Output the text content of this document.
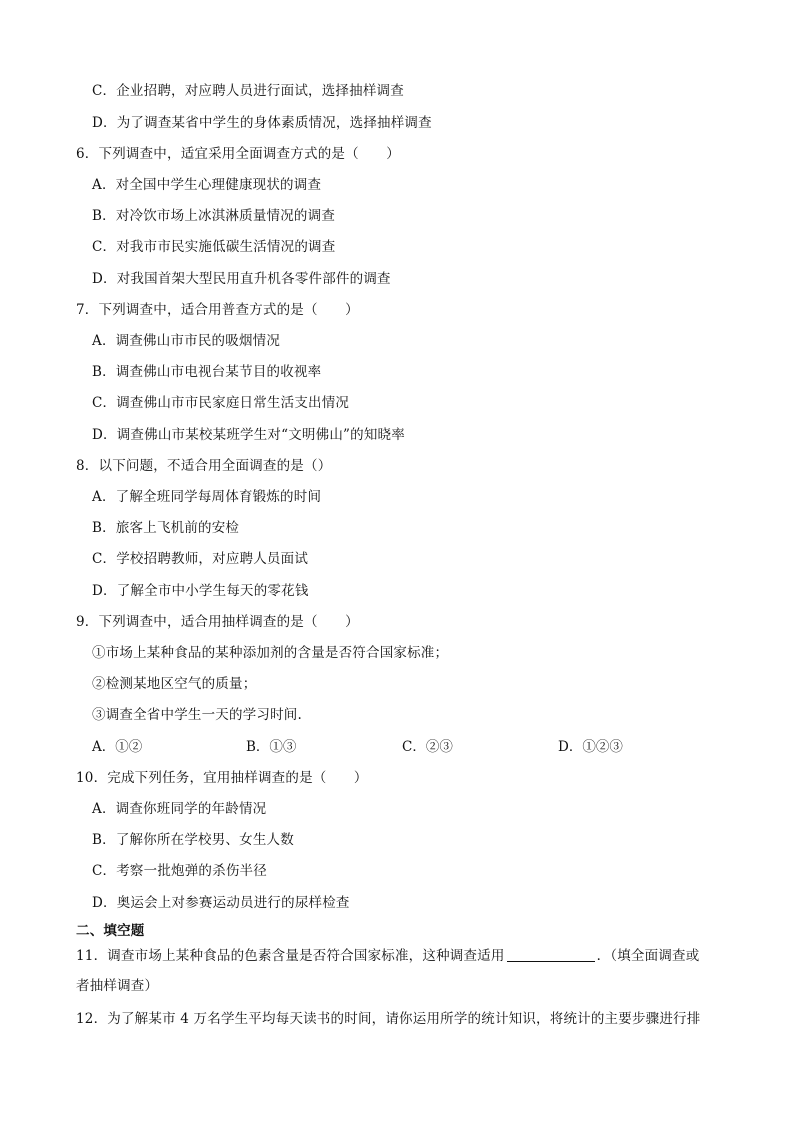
C．企业招聘，对应聘人员进行面试，选择抽样调查
D．为了调查某省中学生的身体素质情况，选择抽样调查
6．下列调查中，适宜采用全面调查方式的是（　　）
A．对全国中学生心理健康现状的调查
B．对冷饮市场上冰淇淋质量情况的调查
C．对我市市民实施低碳生活情况的调查
D．对我国首架大型民用直升机各零件部件的调查
7．下列调查中，适合用普查方式的是（　　）
A．调查佛山市市民的吸烟情况
B．调查佛山市电视台某节目的收视率
C．调查佛山市市民家庭日常生活支出情况
D．调查佛山市某校某班学生对“文明佛山”的知晓率
8．以下问题，不适合用全面调查的是（）
A．了解全班同学每周体育锻炼的时间
B．旅客上飞机前的安检
C．学校招聘教师，对应聘人员面试
D．了解全市中小学生每天的零花钱
9．下列调查中，适合用抽样调查的是（　　）
①市场上某种食品的某种添加剂的含量是否符合国家标准；
②检测某地区空气的质量；
③调查全省中学生一天的学习时间.
A．①②	B．①③	C．②③	D．①②③
10．完成下列任务，宜用抽样调查的是（　　）
A．调查你班同学的年龄情况
B．了解你所在学校男、女生人数
C．考察一批炮弹的杀伤半径
D．奥运会上对参赛运动员进行的尿样检查
二、填空题
11．调查市场上某种食品的色素含量是否符合国家标准，这种调查适用	．（填全面调查或
者抽样调查）
12．为了解某市 4 万名学生平均每天读书的时间，请你运用所学的统计知识，将统计的主要步骤进行排
